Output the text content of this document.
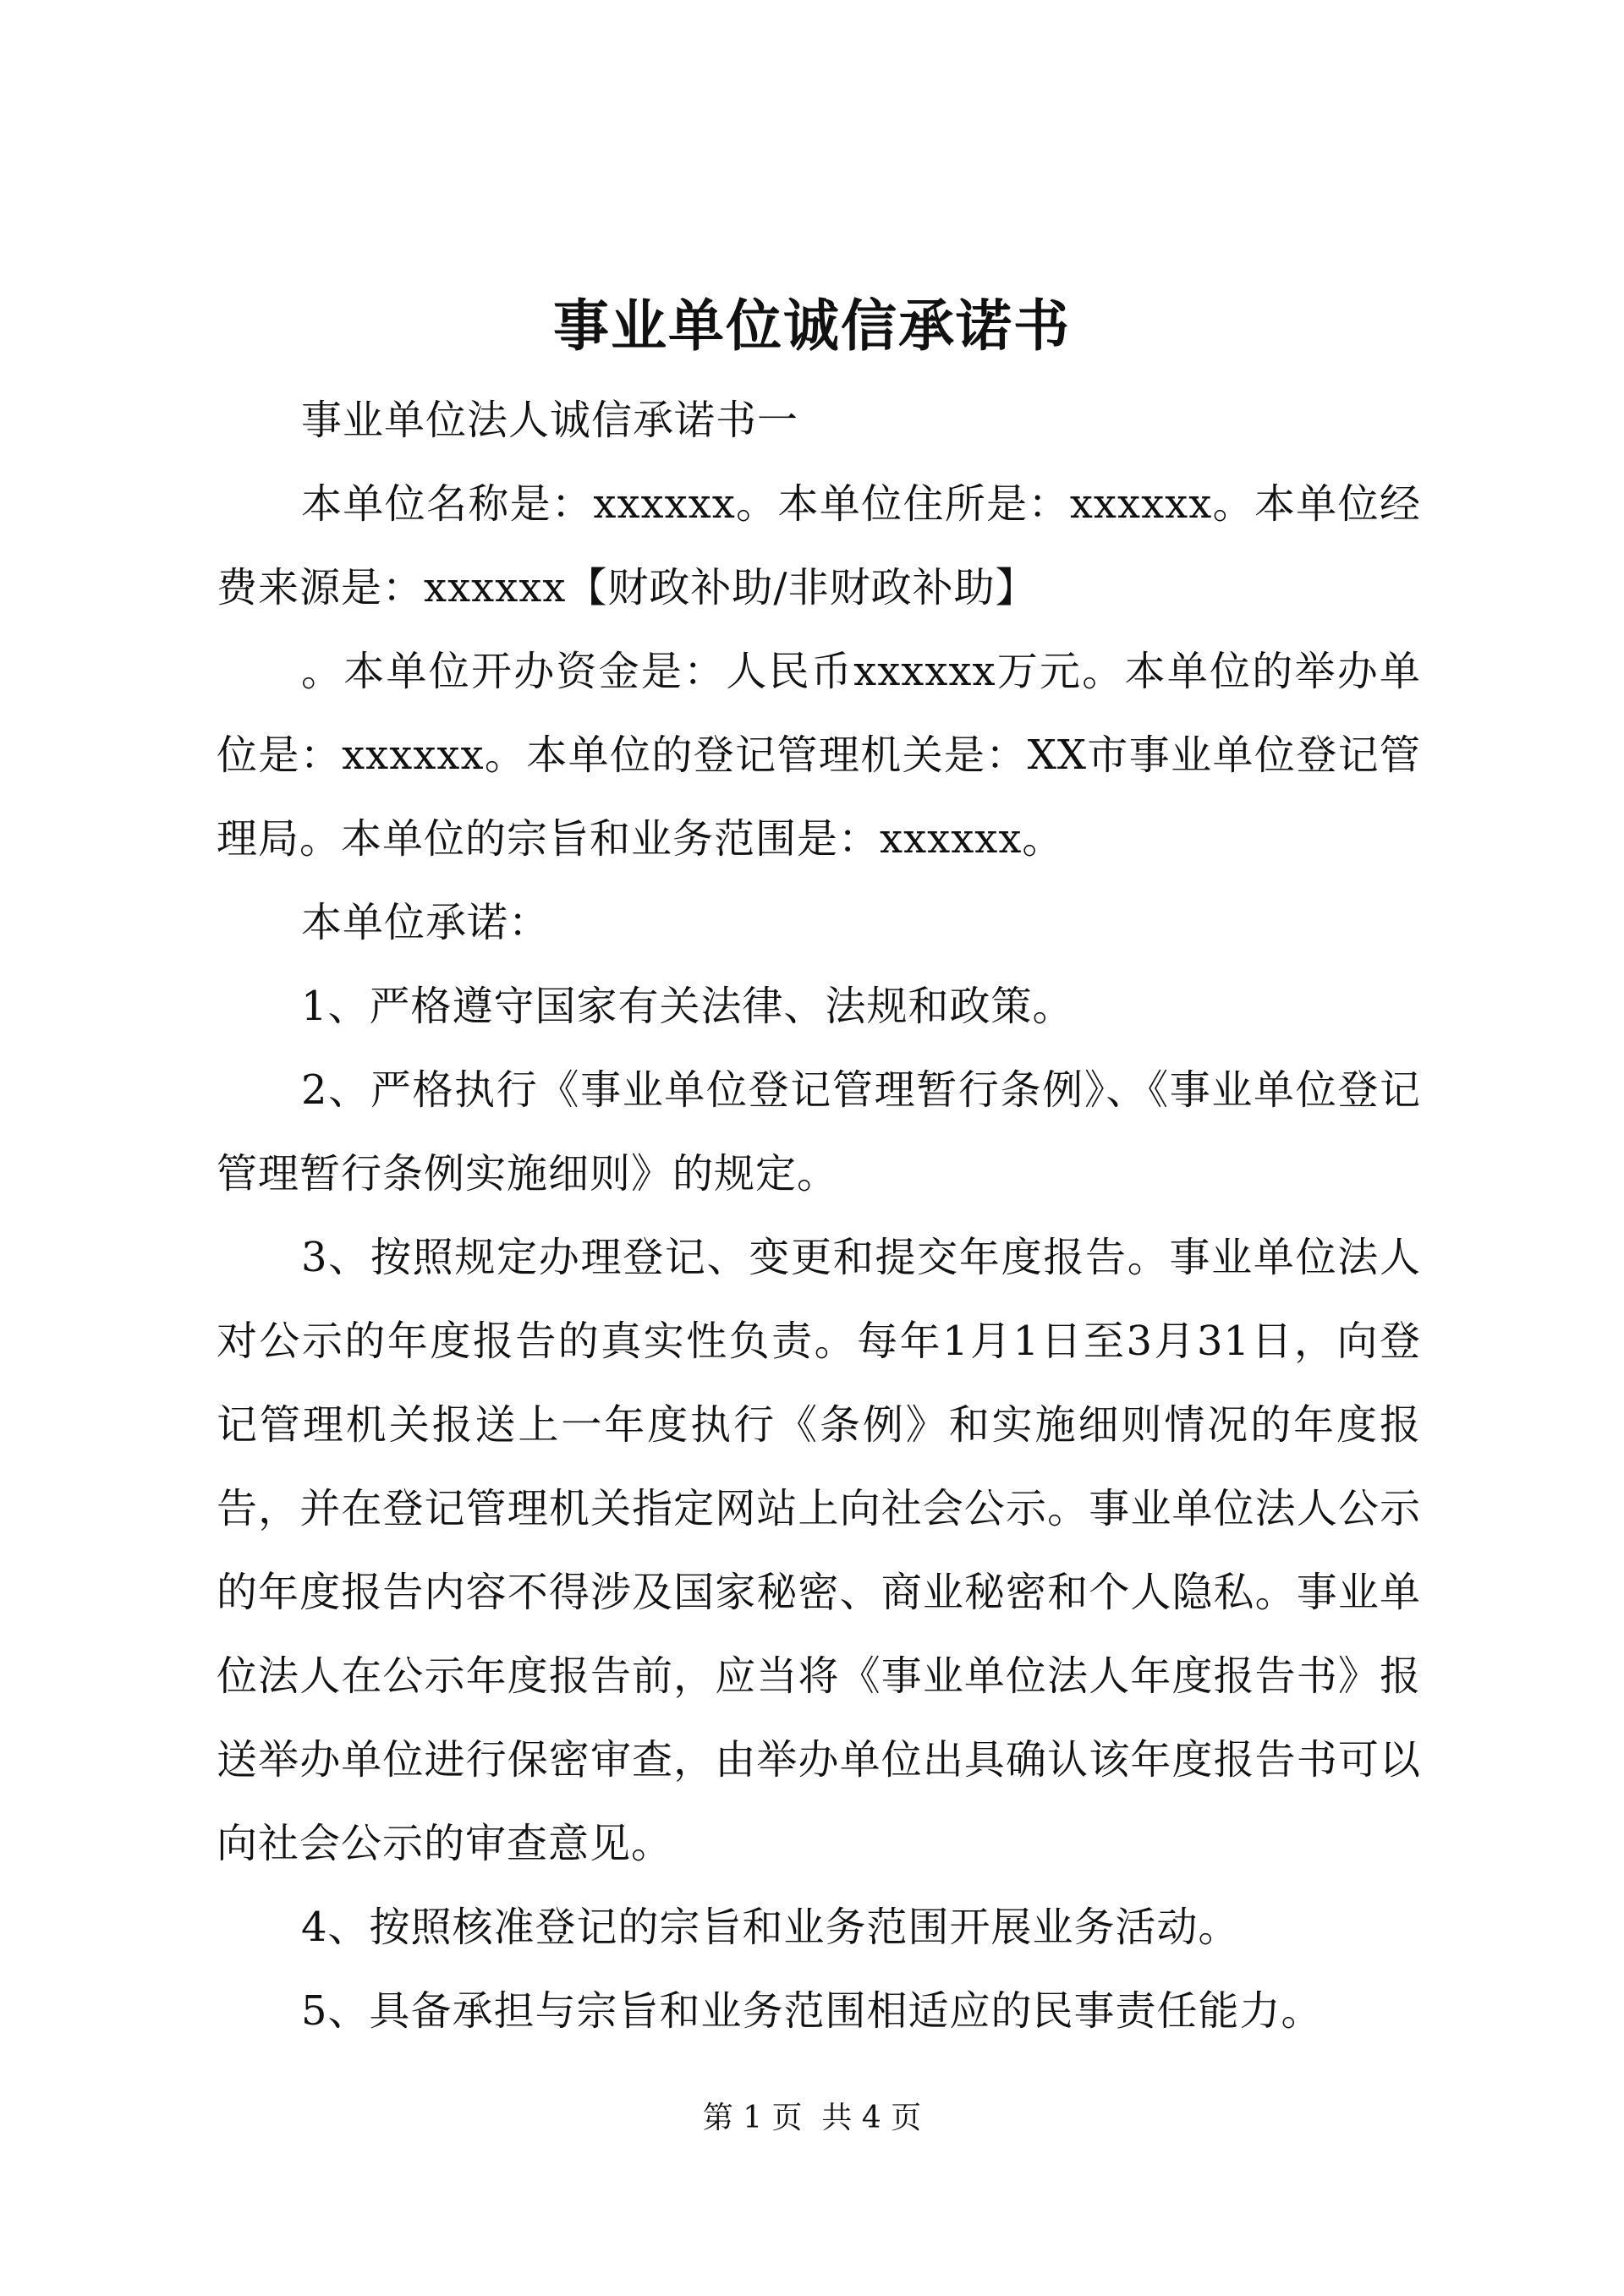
事业单位诚信承诺书

事业单位法人诚信承诺书一

本单位名称是：xxxxxx。本单位住所是：xxxxxx。本单位经费来源是：xxxxxx【财政补助/非财政补助】

。本单位开办资金是：人民币xxxxxx万元。本单位的举办单位是：xxxxxx。本单位的登记管理机关是：XX市事业单位登记管理局。本单位的宗旨和业务范围是：xxxxxx。

本单位承诺：

1、严格遵守国家有关法律、法规和政策。

2、严格执行《事业单位登记管理暂行条例》、《事业单位登记管理暂行条例实施细则》的规定。

3、按照规定办理登记、变更和提交年度报告。事业单位法人对公示的年度报告的真实性负责。每年1月1日至3月31日，向登记管理机关报送上一年度执行《条例》和实施细则情况的年度报告，并在登记管理机关指定网站上向社会公示。事业单位法人公示的年度报告内容不得涉及国家秘密、商业秘密和个人隐私。事业单位法人在公示年度报告前，应当将《事业单位法人年度报告书》报送举办单位进行保密审查，由举办单位出具确认该年度报告书可以向社会公示的审查意见。

4、按照核准登记的宗旨和业务范围开展业务活动。

5、具备承担与宗旨和业务范围相适应的民事责任能力。

第 1 页  共 4 页
